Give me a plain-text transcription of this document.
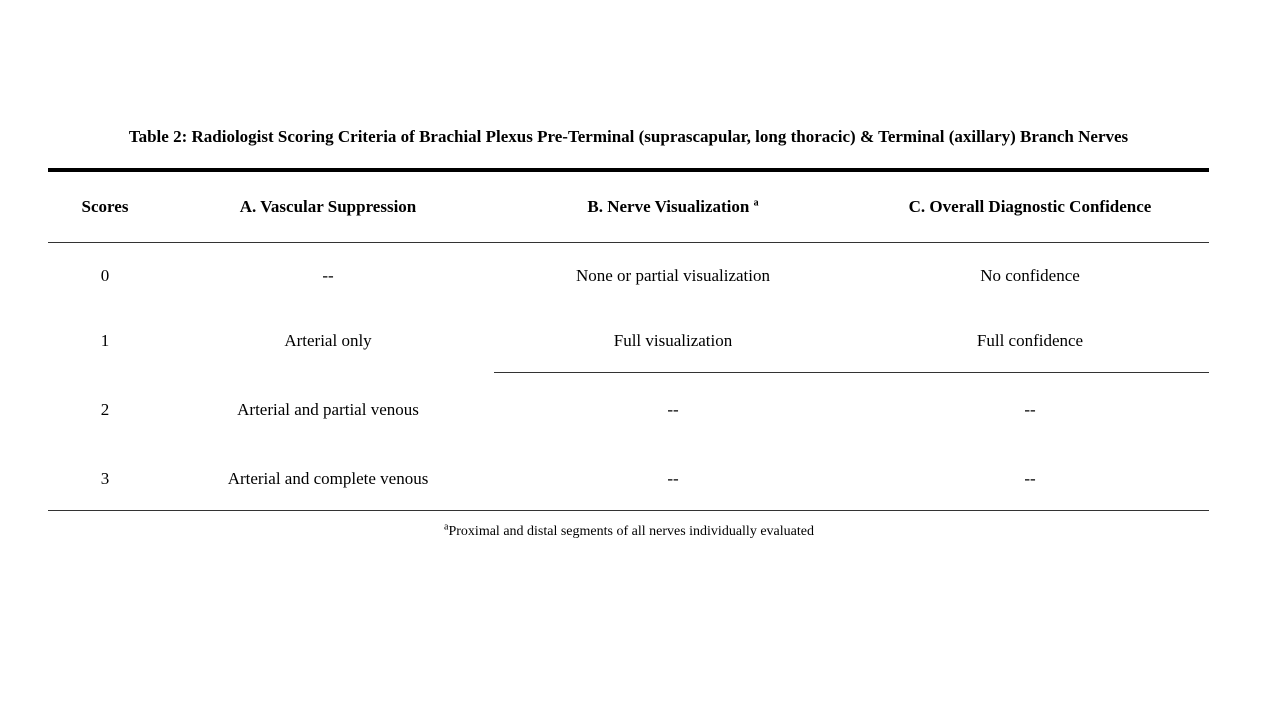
Table 2: Radiologist Scoring Criteria of Brachial Plexus Pre-Terminal (suprascapular, long thoracic) & Terminal (axillary) Branch Nerves
Scores	A. Vascular Suppression	B. Nerve Visualization $^a$	C. Overall Diagnostic Confidence
0	--	None or partial visualization	No confidence
1	Arterial only	Full visualization	Full confidence
2	Arterial and partial venous	--	--
3	Arterial and complete venous	--	--
$^a$Proximal and distal segments of all nerves individually evaluated
